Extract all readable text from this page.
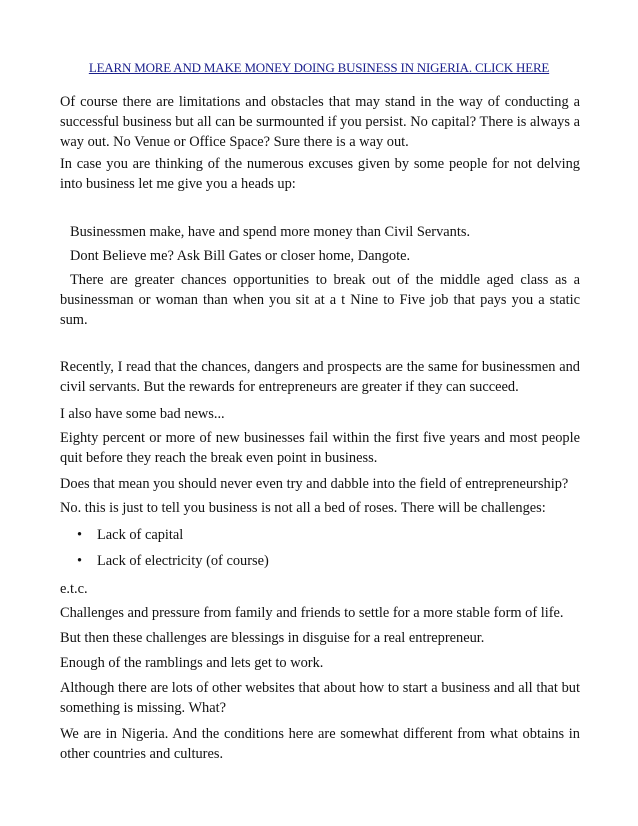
LEARN MORE AND MAKE MONEY DOING BUSINESS IN NIGERIA. CLICK HERE

Of course there are limitations and obstacles that may stand in the way of conducting a successful business but all can be surmounted if you persist. No capital? There is always a way out. No Venue or Office Space? Sure there is a way out.

In case you are thinking of the numerous excuses given by some people for not delving into business let me give you a heads up:

Businessmen make, have and spend more money than Civil Servants.

Dont Believe me? Ask Bill Gates or closer home, Dangote.

There are greater chances opportunities to break out of the middle aged class as a businessman or woman than when you sit at a t Nine to Five job that pays you a static sum.

Recently, I read that the chances, dangers and prospects are the same for businessmen and civil servants. But the rewards for entrepreneurs are greater if they can succeed.

I also have some bad news...

Eighty percent or more of new businesses fail within the first five years and most people quit before they reach the break even point in business.

Does that mean you should never even try and dabble into the field of entrepreneurship?

No. this is just to tell you business is not all a bed of roses. There will be challenges:

• Lack of capital
• Lack of electricity (of course)

e.t.c.

Challenges and pressure from family and friends to settle for a more stable form of life.

But then these challenges are blessings in disguise for a real entrepreneur.

Enough of the ramblings and lets get to work.

Although there are lots of other websites that about how to start a business and all that but something is missing. What?

We are in Nigeria. And the conditions here are somewhat different from what obtains in other countries and cultures.
